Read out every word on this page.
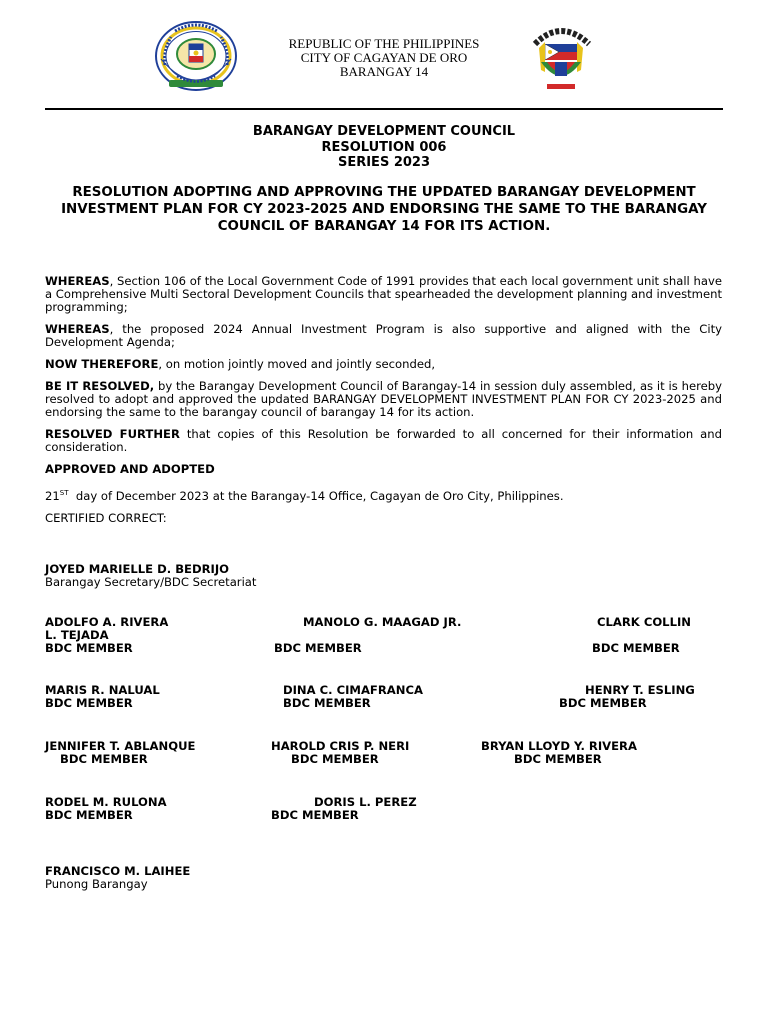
REPUBLIC OF THE PHILIPPINES
CITY OF CAGAYAN DE ORO
BARANGAY 14
BARANGAY DEVELOPMENT COUNCIL
RESOLUTION 006
SERIES 2023
RESOLUTION ADOPTING AND APPROVING THE UPDATED BARANGAY DEVELOPMENT INVESTMENT PLAN FOR CY 2023-2025 AND ENDORSING THE SAME TO THE BARANGAY COUNCIL OF BARANGAY 14 FOR ITS ACTION.

WHEREAS, Section 106 of the Local Government Code of 1991 provides that each local government unit shall have a Comprehensive Multi Sectoral Development Councils that spearheaded the development planning and investment programming;

WHEREAS, the proposed 2024 Annual Investment Program is also supportive and aligned with the City Development Agenda;

NOW THEREFORE, on motion jointly moved and jointly seconded,

BE IT RESOLVED, by the Barangay Development Council of Barangay-14 in session duly assembled, as it is hereby resolved to adopt and approved the updated BARANGAY DEVELOPMENT INVESTMENT PLAN FOR CY 2023-2025 and endorsing the same to the barangay council of barangay 14 for its action.

RESOLVED FURTHER that copies of this Resolution be forwarded to all concerned for their information and consideration.

APPROVED AND ADOPTED

21ST  day of December 2023 at the Barangay-14 Office, Cagayan de Oro City, Philippines.

CERTIFIED CORRECT:

JOYED MARIELLE D. BEDRIJO
Barangay Secretary/BDC Secretariat
ADOLFO A. RIVERA
L. TEJADA
BDC MEMBER
MANOLO G. MAAGAD JR.
BDC MEMBER
CLARK COLLIN
BDC MEMBER
MARIS R. NALUAL
BDC MEMBER
DINA C. CIMAFRANCA
BDC MEMBER
HENRY T. ESLING
BDC MEMBER
JENNIFER T. ABLANQUE
BDC MEMBER
HAROLD CRIS P. NERI
BDC MEMBER
BRYAN LLOYD Y. RIVERA
BDC MEMBER
RODEL M. RULONA
BDC MEMBER
DORIS L. PEREZ
BDC MEMBER
FRANCISCO M. LAIHEE
Punong Barangay
